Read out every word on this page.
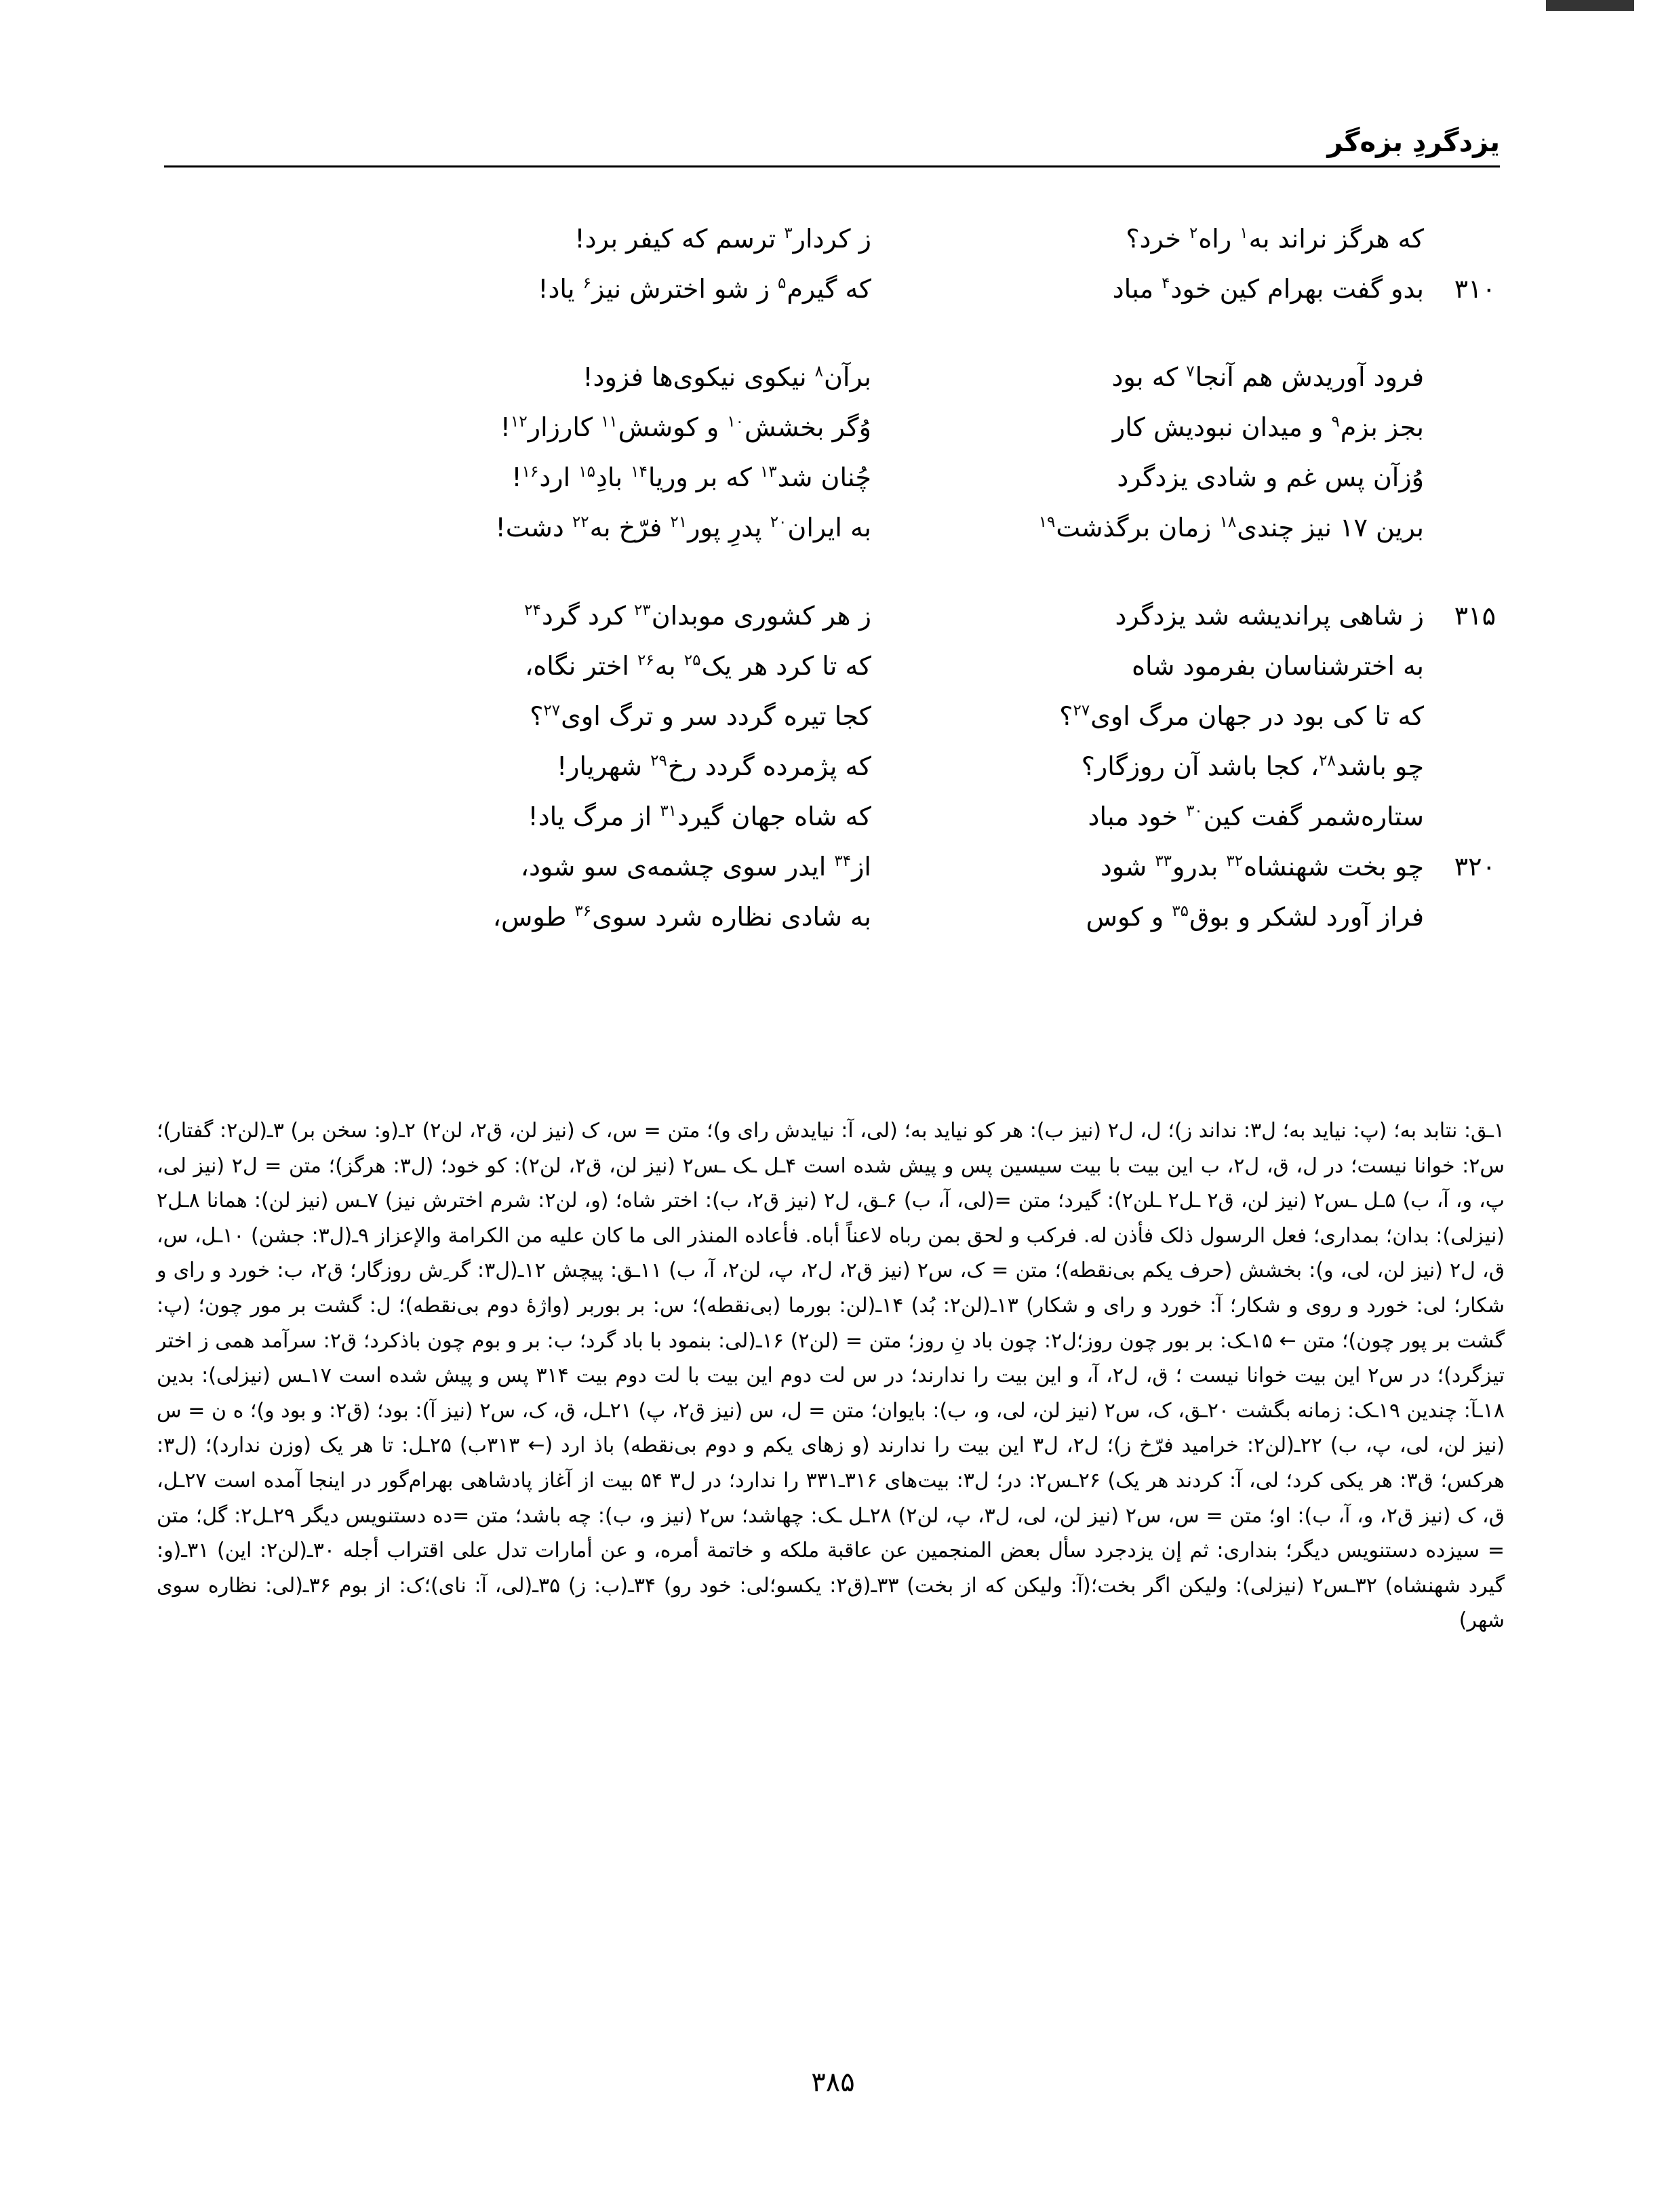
یزدگردِ بزه‌گر
که هرگز نراند به$^۱$ راه$^۲$ خرد؟
ز کردار$^۳$ ترسم که کیفر برد!
۳۱۰
بدو گفت بهرام کین خود$^۴$ مباد
که گیرم$^۵$ ز شو اخترش نیز$^۶$ یاد!
فرود آوریدش هم آنجا$^۷$ که بود
برآن$^۸$ نیکوی نیکوی‌ها فزود!
بجز بزم$^۹$ و میدان نبودیش کار
وُگر بخشش$^{۱۰}$ و کوشش$^{۱۱}$ کارزار$^{۱۲}$!
وُزآن پس غم و شادی یزدگرد
چُنان شد$^{۱۳}$ که بر وریا$^{۱۴}$ بادِ$^{۱۵}$ ارد$^{۱۶}$!
برین ۱۷ نیز چندی$^{۱۸}$ زمان برگذشت$^{۱۹}$
به ایران$^{۲۰}$ پدرِ پور$^{۲۱}$ فرّخ به$^{۲۲}$ دشت!
۳۱۵
ز شاهی پراندیشه شد یزدگرد
ز هر کشوری موبدان$^{۲۳}$ کرد گرد$^{۲۴}$
به اخترشناسان بفرمود شاه
که تا کرد هر یک$^{۲۵}$ به$^{۲۶}$ اختر نگاه،
که تا کی بود در جهان مرگ اوی$^{۲۷}$؟
کجا تیره گردد سر و ترگ اوی$^{۲۷}$؟
چو باشد$^{۲۸}$، کجا باشد آن روزگار؟
که پژمرده گردد رخ$^{۲۹}$ شهریار!
ستاره‌شمر گفت کین$^{۳۰}$ خود مباد
که شاه جهان گیرد$^{۳۱}$ از مرگ یاد!
۳۲۰
چو بخت شهنشاه$^{۳۲}$ بدرو$^{۳۳}$ شود
از$^{۳۴}$ ایدر سوی چشمه‌ی سو شود،
فراز آورد لشکر و بوق$^{۳۵}$ و کوس
به شادی نظاره شرد سوی$^{۳۶}$ طوس،

۱ـق: نتابد به؛ (پ: نیاید به؛ ل۳: نداند ز)؛ ل، ل۲ (نیز ب): هر کو نیاید به؛ (لی، آ: نیایدش رای و)؛ متن = س، ک (نیز لن، ق۲، لن۲) ۲ـ(و: سخن بر) ۳ـ(لن۲: گفتار)؛ س۲: خوانا نیست؛ در ل، ق، ل۲، ب این بیت با بیت سیسین پس و پیش شده است ۴ـل ـک ـس۲ (نیز لن، ق۲، لن۲): کو خود؛ (ل۳: هرگز)؛ متن = ل۲ (نیز لی، پ، و، آ، ب) ۵ـل ـس۲ (نیز لن، ق۲ ـل۲ ـلن۲): گیرد؛ متن =(لی، آ، ب) ۶ـق، ل۲ (نیز ق۲، ب): اختر شاه؛ (و، لن۲: شرم اخترش نیز) ۷ـس (نیز لن): همانا ۸ـل۲ (نیزلی): بدان؛ بمداری؛ فعل الرسول ذلک فأذن له. فرکب و لحق بمن رباه لاعناً أباه. فأعاده المنذر الى ما كان عليه من الكرامة والإعزاز ۹ـ(ل۳: جشن) ۱۰ـل، س، ق، ل۲ (نیز لن، لی، و): بخشش (حرف یکم بی‌نقطه)؛ متن = ک، س۲ (نیز ق۲، ل۲، پ، لن۲، آ، ب) ۱۱ـق: پیچش ۱۲ـ(ل۳: گر ِش روزگار؛ ق۲، ب: خورد و رای و شکار؛ لی: خورد و روی و شکار؛ آ: خورد و رای و شکار) ۱۳ـ(لن۲: بُد) ۱۴ـ(لن: بورما (بی‌نقطه)؛ س: بر بوربر (واژهٔ دوم بی‌نقطه)؛ ل: گشت بر مور چون؛ (پ: گشت بر پور چون)؛ متن ← ۱۵ـک: بر بور چون روز؛ل۲: چون باد نِ روز؛ متن = (لن۲) ۱۶ـ(لی: بنمود با باد گرد؛ ب: بر و بوم چون باذکرد؛ ق۲: سرآمد همی ز اختر تیزگرد)؛ در س۲ این بیت خوانا نیست ؛ ق، ل۲، آ، و این بیت را ندارند؛ در س لت دوم این بیت با لت دوم بیت ۳۱۴ پس و پیش شده است ۱۷ـس (نیزلی): بدین ۱۸ـآ: چندین ۱۹ـک: زمانه بگشت ۲۰ـق، ک، س۲ (نیز لن، لی، و، ب): بایوان؛ متن = ل، س (نیز ق۲، پ) ۲۱ـل، ق، ک، س۲ (نیز آ): بود؛ (ق۲: و بود و)؛ ه ن = س (نیز لن، لی، پ، ب) ۲۲ـ(لن۲: خرامید فرّخ ز)؛ ل۲، ل۳ این بیت را ندارند (و زهای یکم و دوم بی‌نقطه) باذ ارد (← ۳۱۳ب) ۲۵ـل: تا هر یک (وزن ندارد)؛ (ل۳: هرکس؛ ق۳: هر یکی کرد؛ لی، آ: کردند هر یک) ۲۶ـس۲: در؛ ل۳: بیت‌های ۳۱۶ـ۳۳۱ را ندارد؛ در ل۳ ۵۴ بیت از آغاز پادشاهی بهرام‌گور در اینجا آمده است ۲۷ـل، ق، ک (نیز ق۲، و، آ، ب): او؛ متن = س، س۲ (نیز لن، لی، ل۳، پ، لن۲) ۲۸ـل ـک: چهاشد؛ س۲ (نیز و، ب): چه باشد؛ متن =ده دستنویس دیگر ۲۹ـل۲: گل؛ متن = سیزده دستنویس دیگر؛ بنداری: ثم إن یزدجرد سأل بعض المنجمین عن عاقبة ملکه و خاتمة أمره، و عن أمارات تدل علی اقتراب أجله ۳۰ـ(لن۲: این) ۳۱ـ(و: گیرد شهنشاه) ۳۲ـس۲ (نیزلی): ولیکن اگر بخت؛(آ: ولیکن که از بخت) ۳۳ـ(ق۲: یکسو؛لی: خود رو) ۳۴ـ(ب: ز) ۳۵ـ(لی، آ: نای)؛ک: از بوم ۳۶ـ(لی: نظاره سوی شهر)

۳۸۵
